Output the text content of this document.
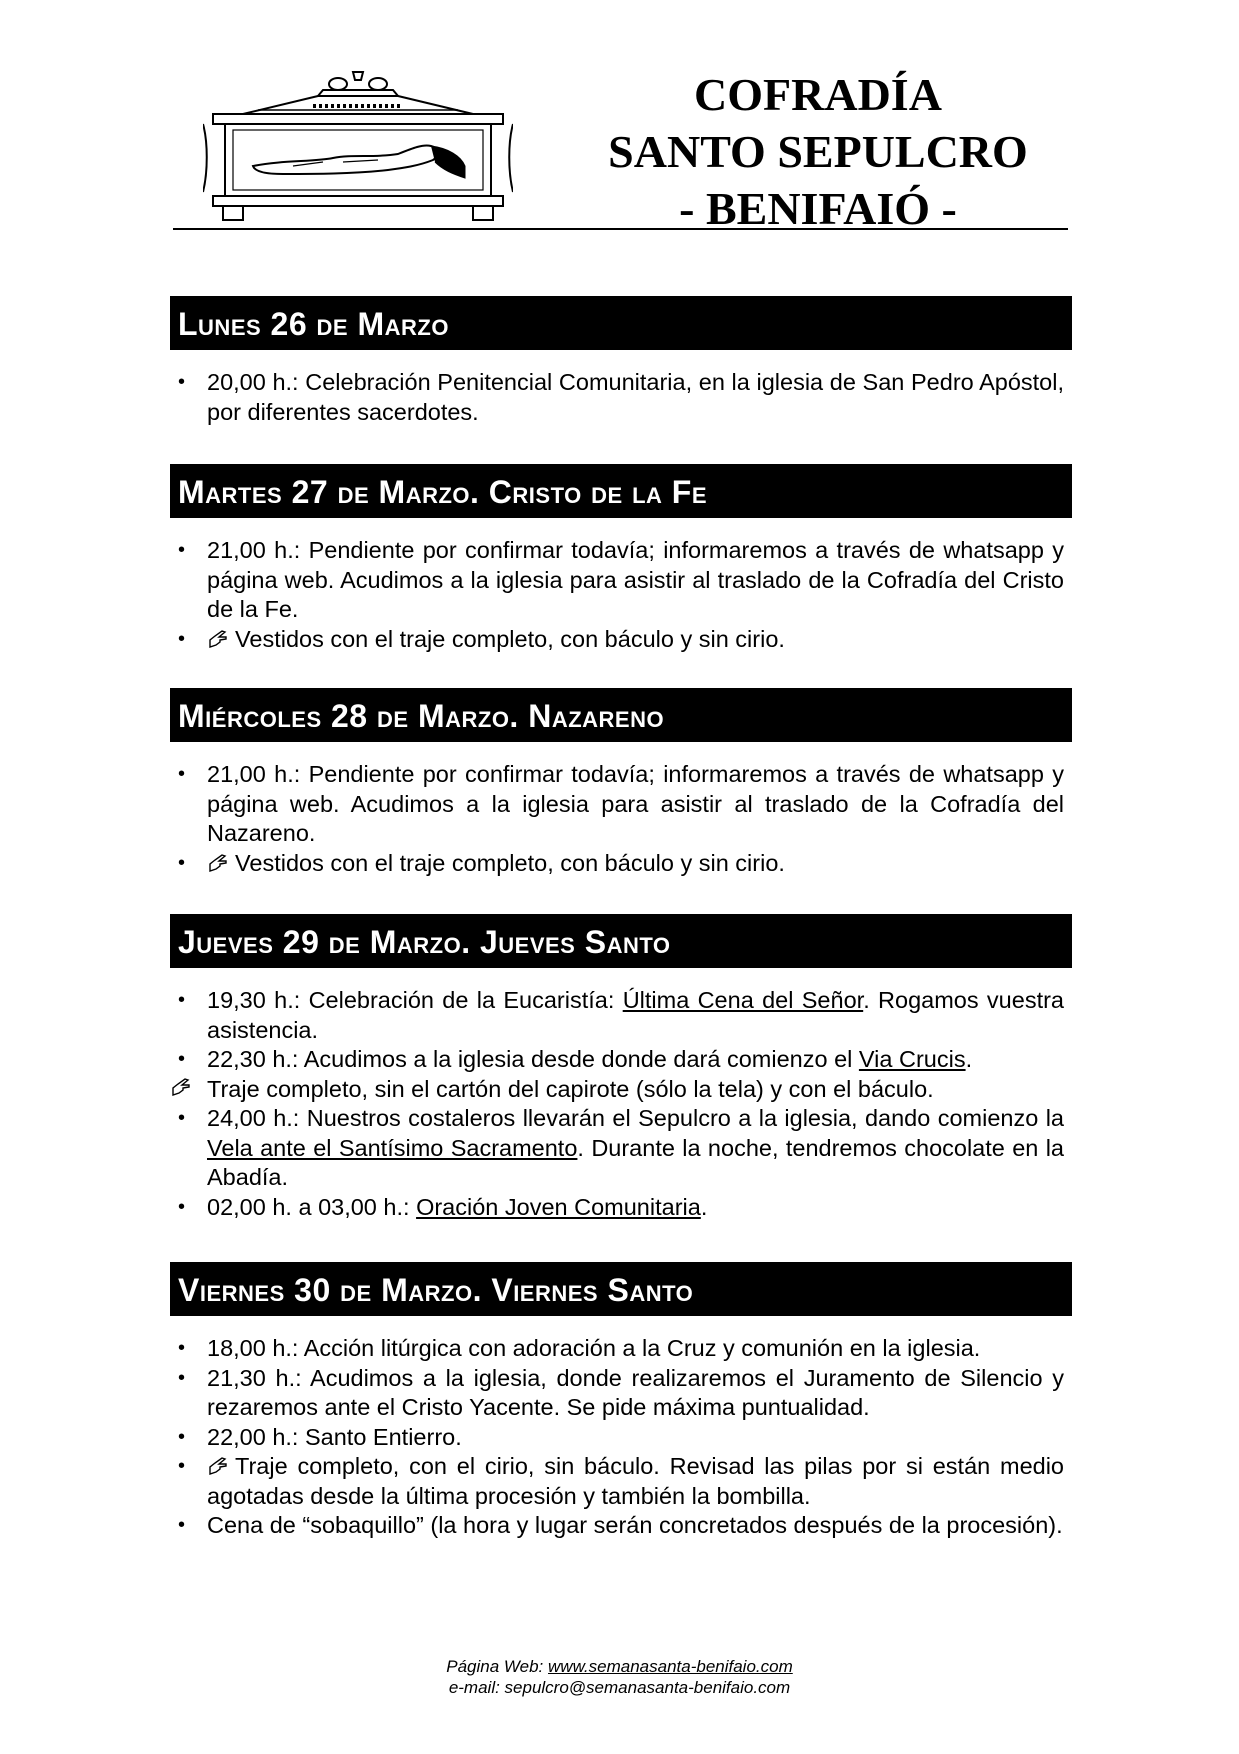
COFRADÍA
SANTO SEPULCRO
- BENIFAIÓ -
Lunes 26 de Marzo
• 20,00 h.: Celebración Penitencial Comunitaria, en la iglesia de San Pedro Apóstol, por diferentes sacerdotes.
Martes 27 de Marzo. Cristo de la Fe
• 21,00 h.: Pendiente por confirmar todavía; informaremos a través de whatsapp y página web. Acudimos a la iglesia para asistir al traslado de la Cofradía del Cristo de la Fe.
• Vestidos con el traje completo, con báculo y sin cirio.
Miércoles 28 de Marzo. Nazareno
• 21,00 h.: Pendiente por confirmar todavía; informaremos a través de whatsapp y página web. Acudimos a la iglesia para asistir al traslado de la Cofradía del Nazareno.
• Vestidos con el traje completo, con báculo y sin cirio.
Jueves 29 de Marzo. Jueves Santo
• 19,30 h.: Celebración de la Eucaristía: Última Cena del Señor. Rogamos vuestra asistencia.
• 22,30 h.: Acudimos a la iglesia desde donde dará comienzo el Via Crucis.
Traje completo, sin el cartón del capirote (sólo la tela) y con el báculo.
• 24,00 h.: Nuestros costaleros llevarán el Sepulcro a la iglesia, dando comienzo la Vela ante el Santísimo Sacramento. Durante la noche, tendremos chocolate en la Abadía.
• 02,00 h. a 03,00 h.: Oración Joven Comunitaria.
Viernes 30 de Marzo. Viernes Santo
• 18,00 h.: Acción litúrgica con adoración a la Cruz y comunión en la iglesia.
• 21,30 h.: Acudimos a la iglesia, donde realizaremos el Juramento de Silencio y rezaremos ante el Cristo Yacente. Se pide máxima puntualidad.
• 22,00 h.: Santo Entierro.
• Traje completo, con el cirio, sin báculo. Revisad las pilas por si están medio agotadas desde la última procesión y también la bombilla.
• Cena de “sobaquillo” (la hora y lugar serán concretados después de la procesión).
Página Web: www.semanasanta-benifaio.com
e-mail: sepulcro@semanasanta-benifaio.com
